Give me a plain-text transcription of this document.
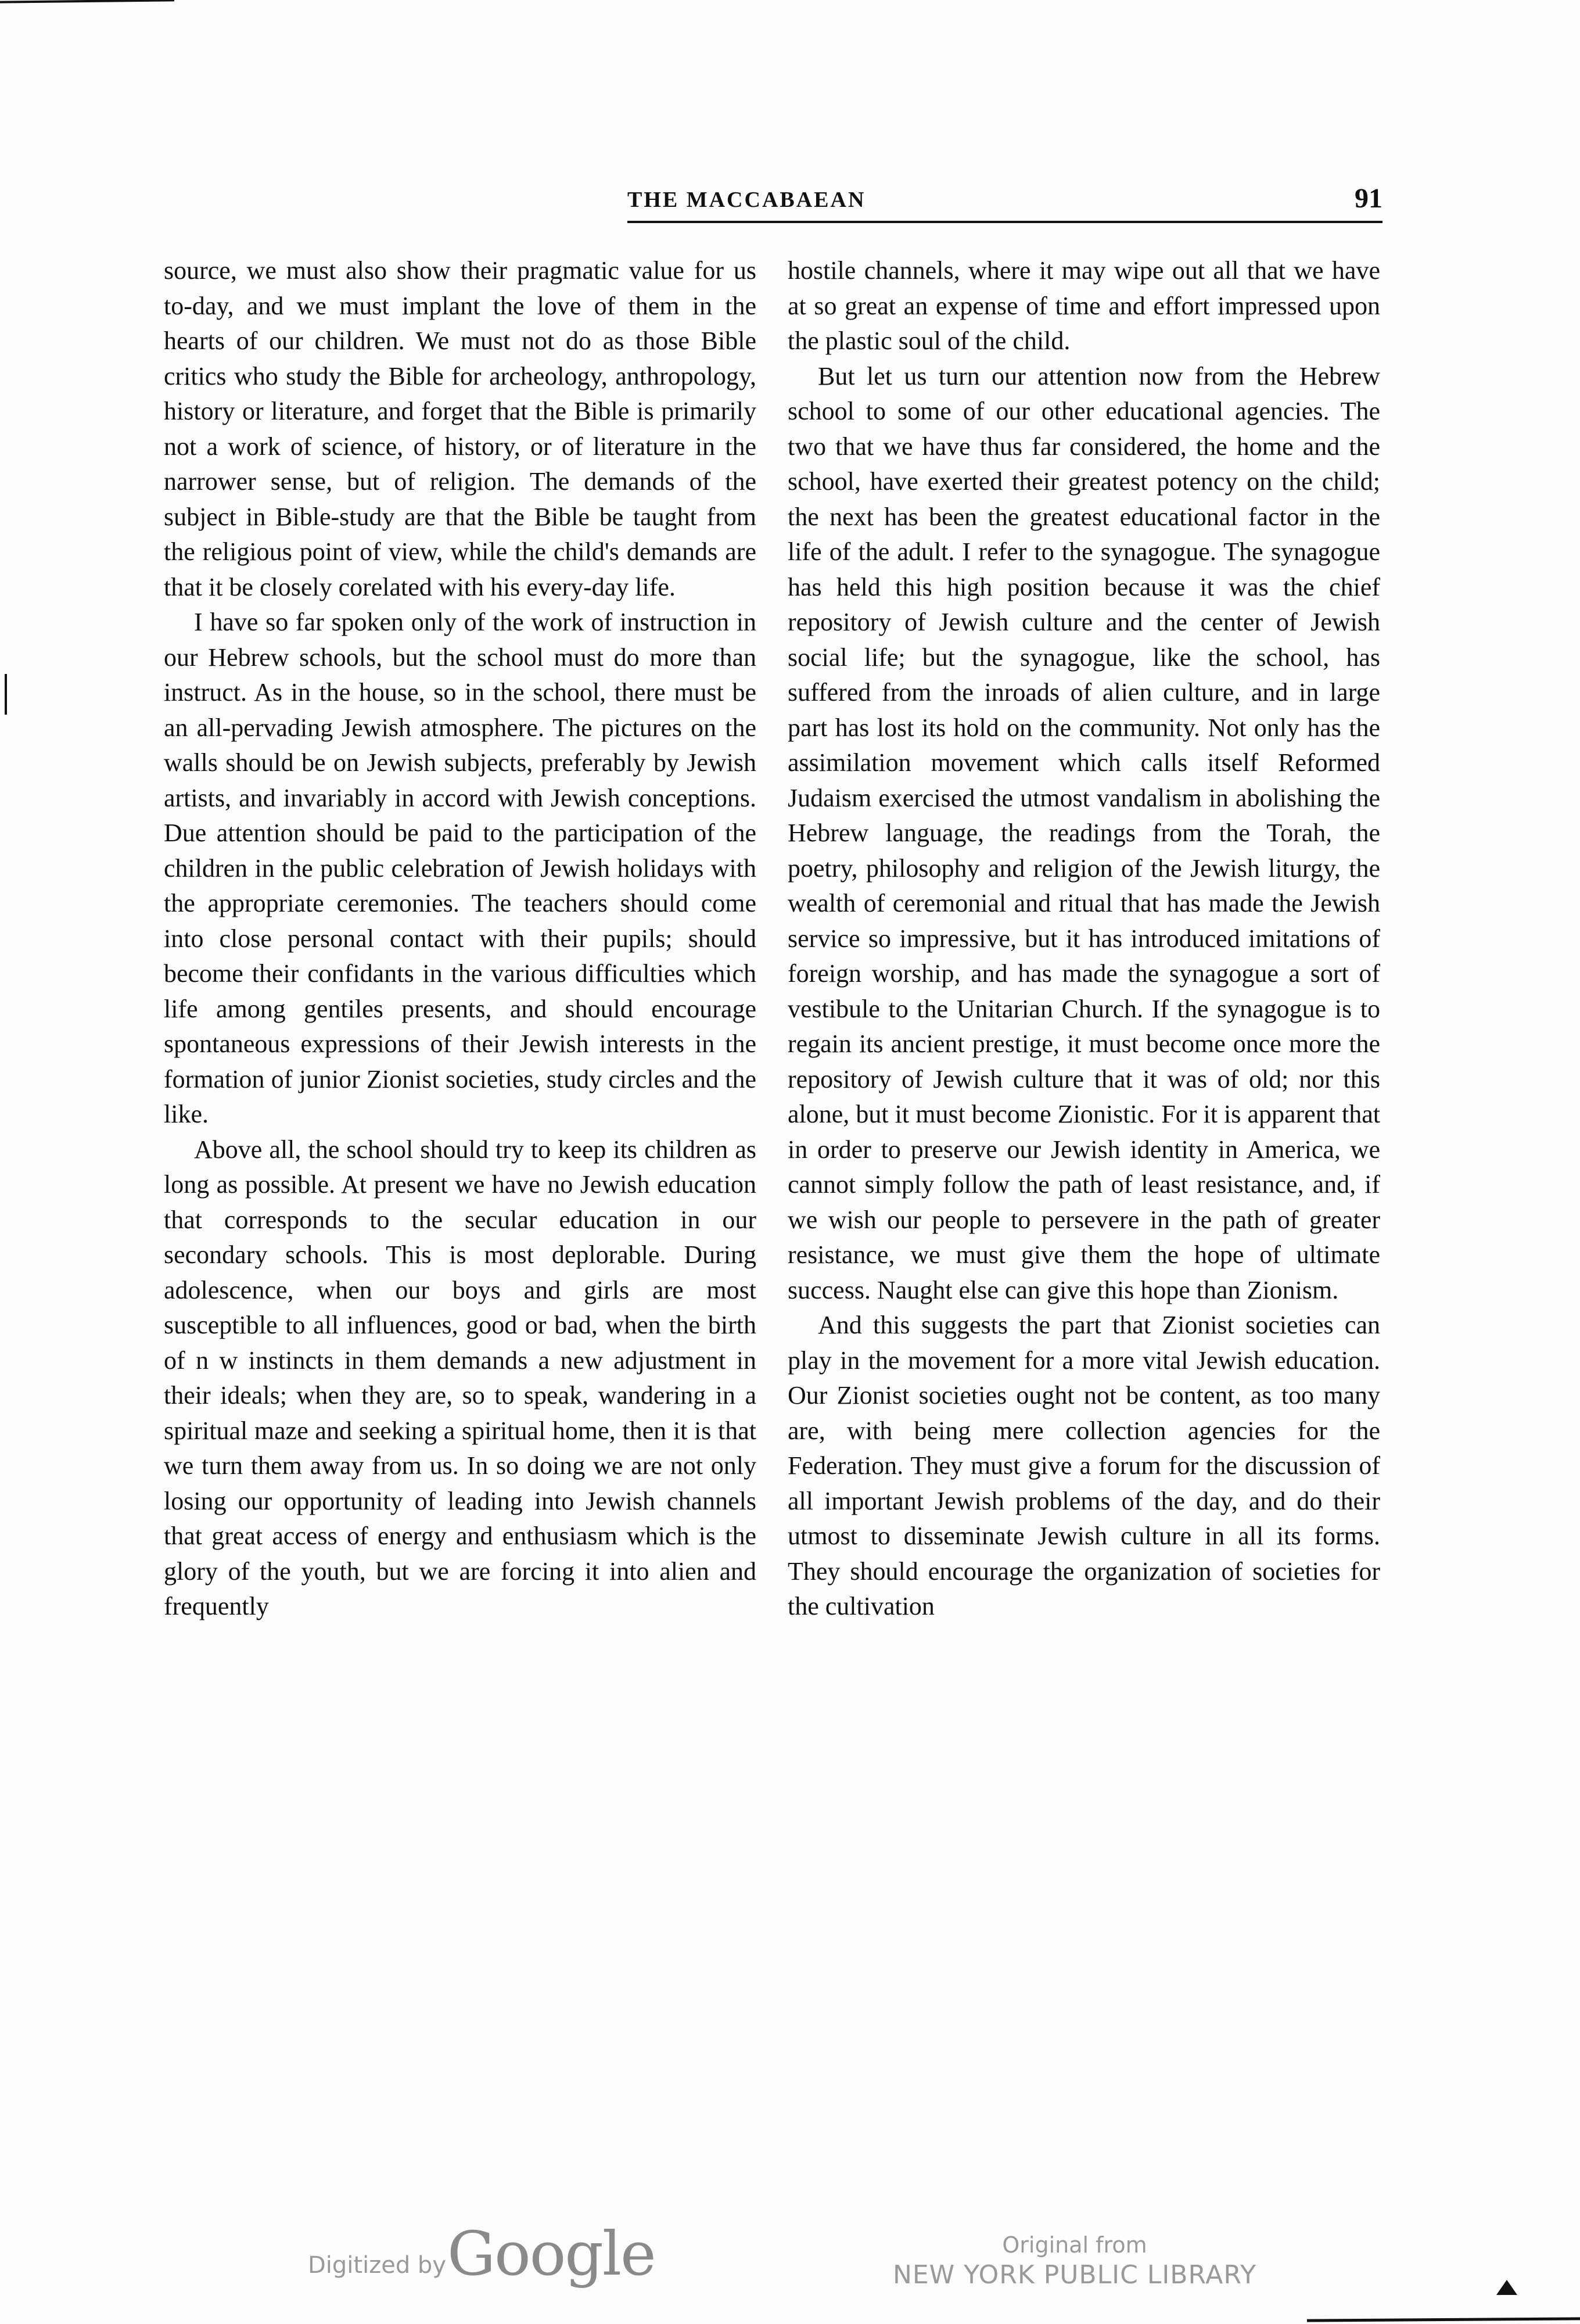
THE MACCABAEAN	91

source, we must also show their pragmatic value for us to-day, and we must implant the love of them in the hearts of our children. We must not do as those Bible critics who study the Bible for archeology, anthropology, history or literature, and forget that the Bible is primarily not a work of science, of history, or of literature in the narrower sense, but of religion. The demands of the subject in Bible-study are that the Bible be taught from the religious point of view, while the child's demands are that it be closely corelated with his every-day life.

I have so far spoken only of the work of instruction in our Hebrew schools, but the school must do more than instruct. As in the house, so in the school, there must be an all-pervading Jewish atmosphere. The pictures on the walls should be on Jewish subjects, preferably by Jewish artists, and invariably in accord with Jewish conceptions. Due attention should be paid to the participation of the children in the public celebration of Jewish holidays with the appropriate ceremonies. The teachers should come into close personal contact with their pupils; should become their confidants in the various difficulties which life among gentiles presents, and should encourage spontaneous expressions of their Jewish interests in the formation of junior Zionist societies, study circles and the like.

Above all, the school should try to keep its children as long as possible. At present we have no Jewish education that corresponds to the secular education in our secondary schools. This is most deplorable. During adolescence, when our boys and girls are most susceptible to all influences, good or bad, when the birth of n w instincts in them demands a new adjustment in their ideals; when they are, so to speak, wandering in a spiritual maze and seeking a spiritual home, then it is that we turn them away from us. In so doing we are not only losing our opportunity of leading into Jewish channels that great access of energy and enthusiasm which is the glory of the youth, but we are forcing it into alien and frequently

hostile channels, where it may wipe out all that we have at so great an expense of time and effort impressed upon the plastic soul of the child.

But let us turn our attention now from the Hebrew school to some of our other educational agencies. The two that we have thus far considered, the home and the school, have exerted their greatest potency on the child; the next has been the greatest educational factor in the life of the adult. I refer to the synagogue. The synagogue has held this high position because it was the chief repository of Jewish culture and the center of Jewish social life; but the synagogue, like the school, has suffered from the inroads of alien culture, and in large part has lost its hold on the community. Not only has the assimilation movement which calls itself Reformed Judaism exercised the utmost vandalism in abolishing the Hebrew language, the readings from the Torah, the poetry, philosophy and religion of the Jewish liturgy, the wealth of ceremonial and ritual that has made the Jewish service so impressive, but it has introduced imitations of foreign worship, and has made the synagogue a sort of vestibule to the Unitarian Church. If the synagogue is to regain its ancient prestige, it must become once more the repository of Jewish culture that it was of old; nor this alone, but it must become Zionistic. For it is apparent that in order to preserve our Jewish identity in America, we cannot simply follow the path of least resistance, and, if we wish our people to persevere in the path of greater resistance, we must give them the hope of ultimate success. Naught else can give this hope than Zionism.

And this suggests the part that Zionist societies can play in the movement for a more vital Jewish education. Our Zionist societies ought not be content, as too many are, with being mere collection agencies for the Federation. They must give a forum for the discussion of all important Jewish problems of the day, and do their utmost to disseminate Jewish culture in all its forms. They should encourage the organization of societies for the cultivation

Digitized by Google	Original from
NEW YORK PUBLIC LIBRARY
